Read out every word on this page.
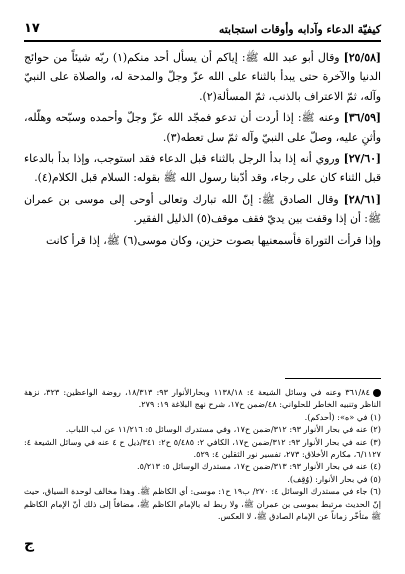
كيفيّة الدعاء وآدابه وأوقات استجابته
١٧

[٢٥/٥٨] وقال أبو عبد الله ﷺ: إياكم أن يسأل أحد منكم(١) ربّه شيئاً من حوائج الدنيا والآخرة حتى يبدأ بالثناء على الله عزّ وجلّ والمدحة له، والصلاة على النبيّ وآله، ثمّ الاعتراف بالذنب، ثمّ المسألة(٢).

[٣٦/٥٩] وعنه ﷺ: إذا أردت أن تدعو فمجّد الله عزّ وجلّ وأحمده وسبّحه وهلّله، وأثنِ عليه، وصلّ على النبيّ وآله ثمّ سل تعطه(٣).

[٢٧/٦٠] وروي أنه إذا بدأ الرجل بالثناء قبل الدعاء فقد استوجب، وإذا بدأ بالدعاء قبل الثناء كان على رجاء، وقد أدّبنا رسول الله ﷺ بقوله: السلام قبل الكلام(٤).

[٢٨/٦١] وقال الصادق ﷺ: إنّ الله تبارك وتعالى أوحى إلى موسى بن عمران ﷺ: أن إذا وقفت بين يديّ فقف موقف(٥) الذليل الفقير.

وإذا قرأت التوراة فأسمعنيها بصوت حزين، وكان موسى(٦) ﷺ، إذا قرأ كانت

٣٦١/٨٤ وعنه في وسائل الشيعة ٤: ١١٣٨/١٨ وبحارالأنوار ٩٣: ١٨/٣١٣، روضة الواعظين: ٣٢٣، نزهة الناظر وتنبيه الخاطر للحلواني: ٤٨/ضمن ح١٧، شرح نهج البلاغة ١٩: ٢٧٩.

(١) في «ه»: (أحدكم).

(٢) عنه في بحار الأنوار ٩٣: ٣١٢/ضمن ح١٧، وفي مستدرك الوسائل ٥: ١١/٢١٦ عن لب اللباب.

(٣) عنه في بحار الأنوار ٩٣: ٣١٢/ضمن ح١٧، الكافي ٢: ٥/٤٨٥ ح٢: ٣٤١/ذيل ح ٤ عنه في وسائل الشيعة ٤: ٦/١١٢٧، مكارم الأخلاق: ٢٧٣، تفسير نور الثقلين ٤: ٥٢٩.

(٤) عنه في بحار الأنوار ٩٣: ٣١٣/ضمن ح١٧، مستدرك الوسائل ٥: ٥/٢١٣.

(٥) في بحار الأنوار: (وُقِف).

(٦) جاء في مستدرك الوسائل ٤: ٢٧٠/ ب١٩ ح١: موسى: أي الكاظم ﷺ. وهذا مخالف لوحدة السياق، حيث إنّ الحديث مرتبط بموسى بن عمران ﷺ، ولا ربط له بالإمام الكاظم ﷺ، مضافاً إلى ذلك أنّ الإمام الكاظم ﷺ متأخّر زماناً عن الإمام الصادق ﷺ، لا العكس.

ج
